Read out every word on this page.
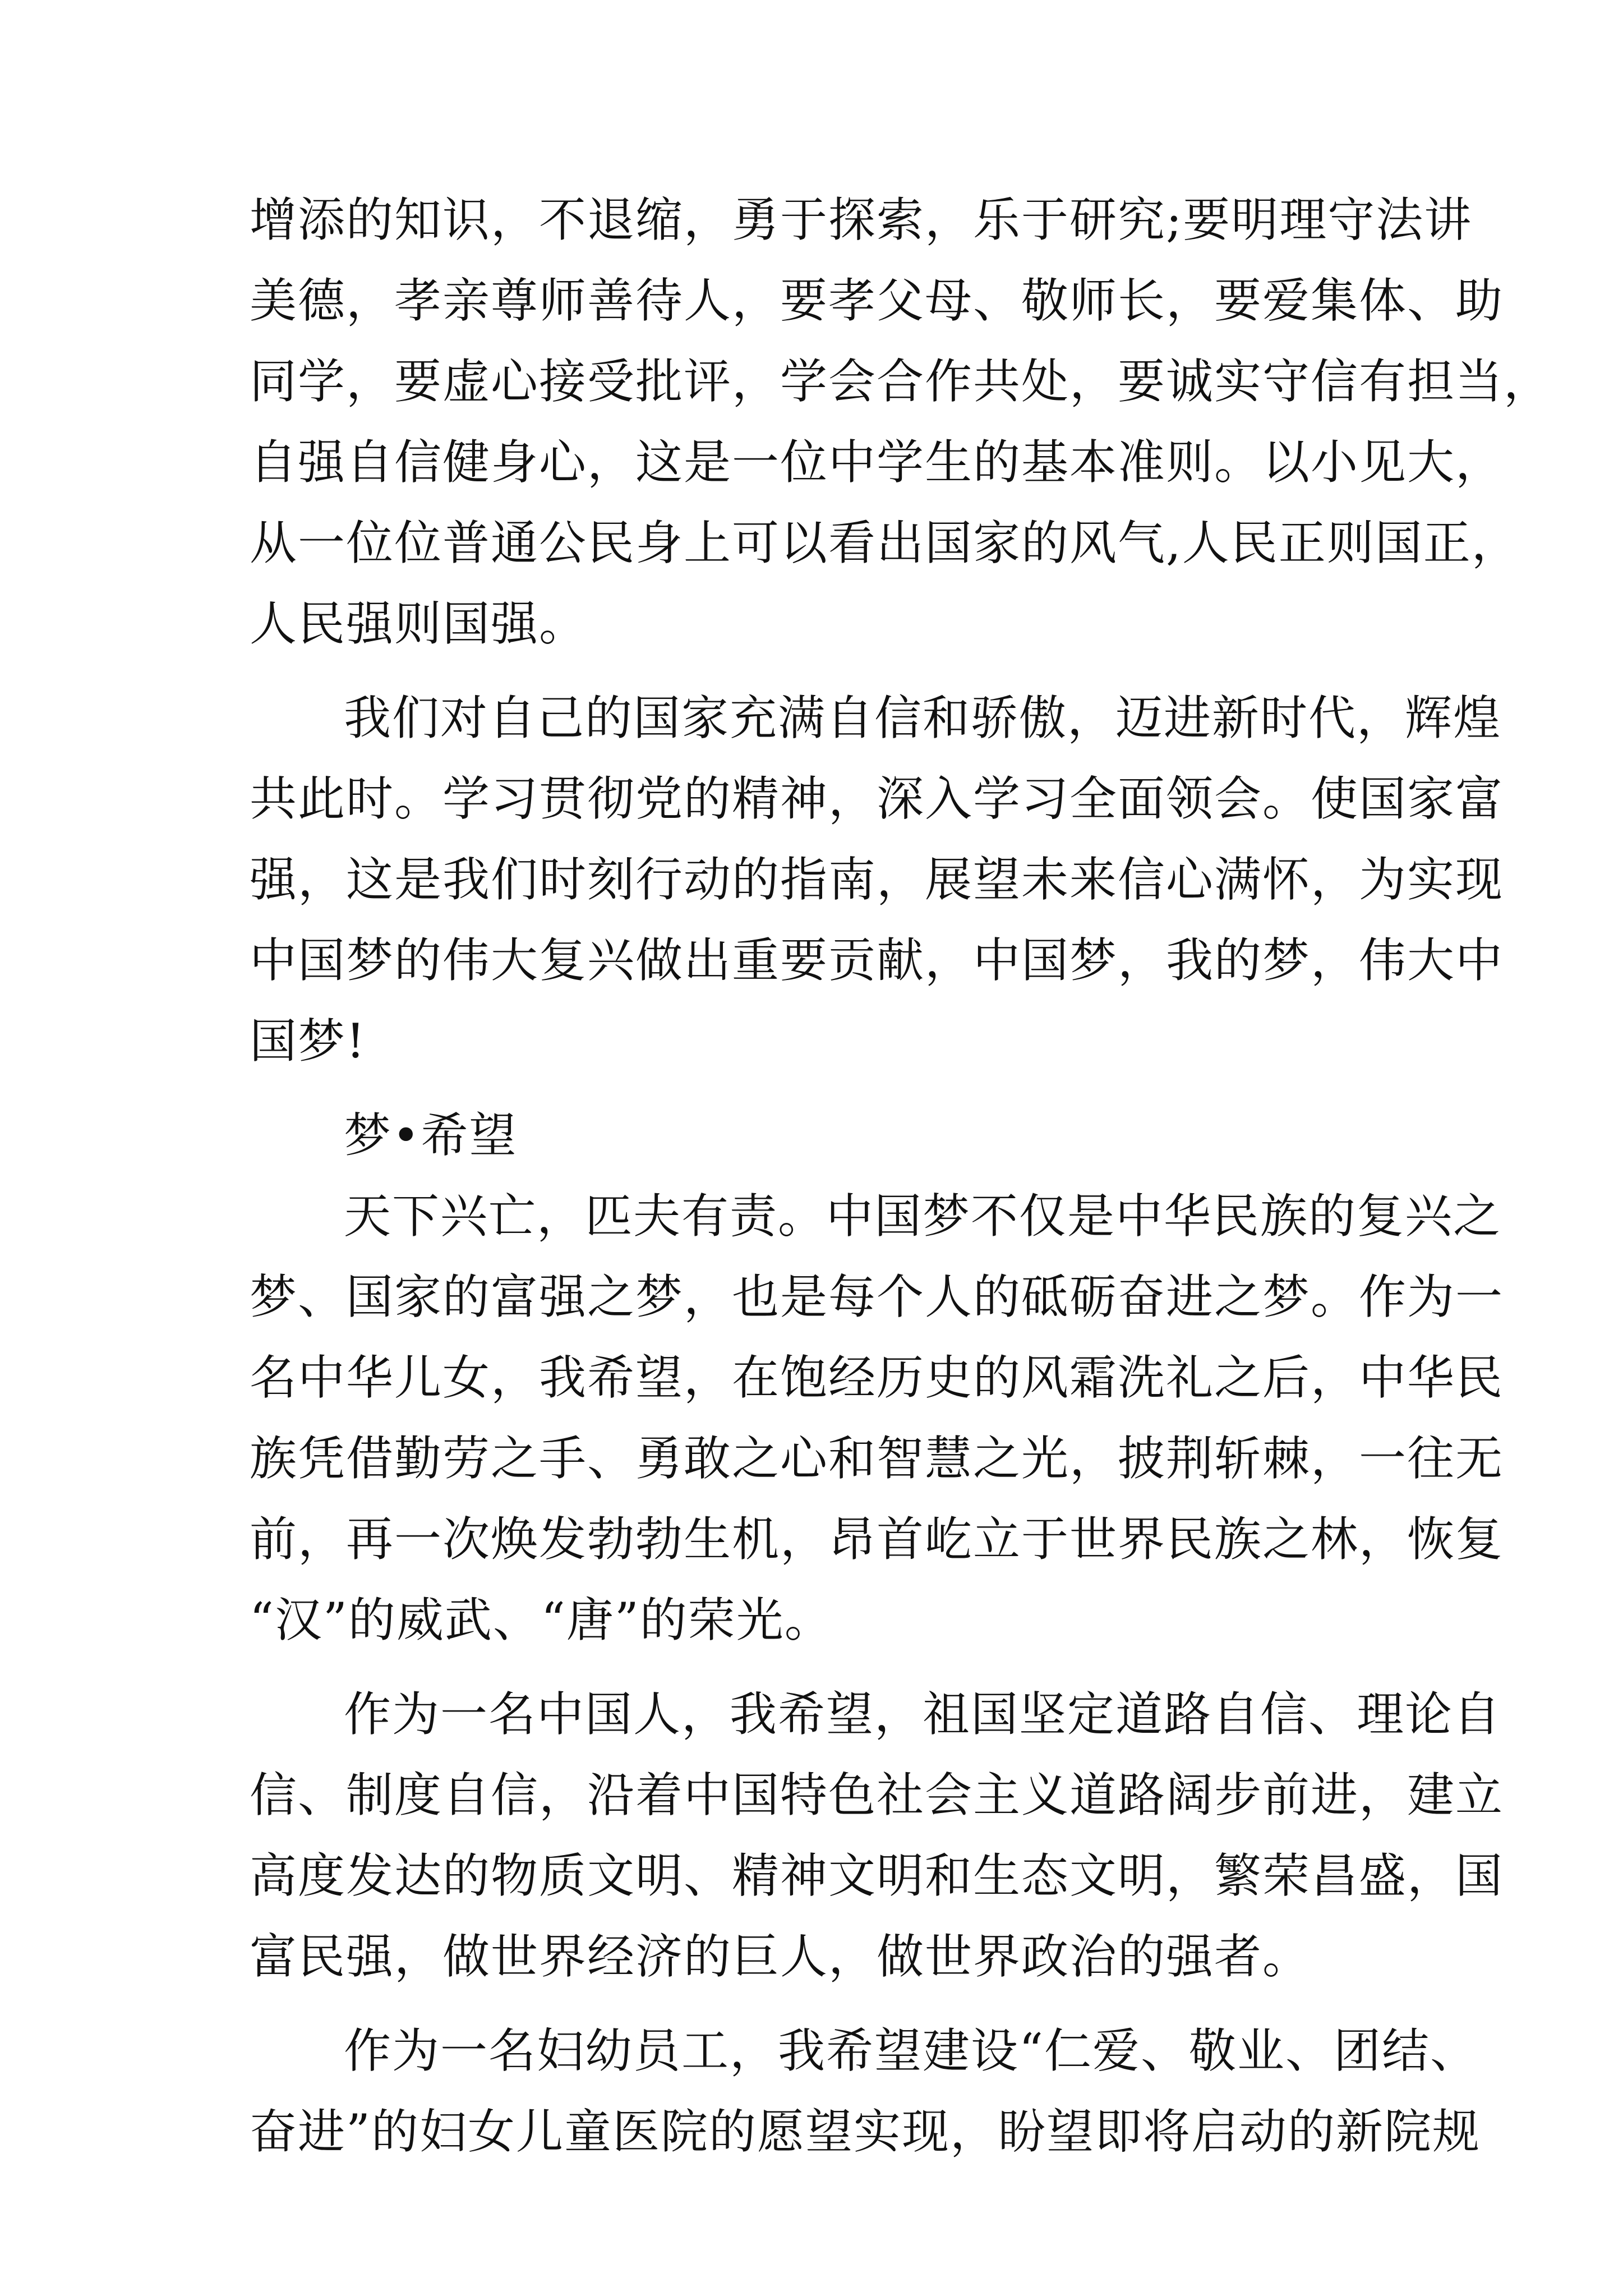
增添的知识，不退缩，勇于探索，乐于研究;要明理守法讲
美德，孝亲尊师善待人，要孝父母、敬师长，要爱集体、助
同学，要虚心接受批评，学会合作共处，要诚实守信有担当，
自强自信健身心，这是一位中学生的基本准则。以小见大，
从一位位普通公民身上可以看出国家的风气,人民正则国正，
人民强则国强。
我们对自己的国家充满自信和骄傲，迈进新时代，辉煌
共此时。学习贯彻党的精神，深入学习全面领会。使国家富
强，这是我们时刻行动的指南，展望未来信心满怀，为实现
中国梦的伟大复兴做出重要贡献，中国梦，我的梦，伟大中
国梦!
梦•希望
天下兴亡，匹夫有责。中国梦不仅是中华民族的复兴之
梦、国家的富强之梦，也是每个人的砥砺奋进之梦。作为一
名中华儿女，我希望，在饱经历史的风霜洗礼之后，中华民
族凭借勤劳之手、勇敢之心和智慧之光，披荆斩棘，一往无
前，再一次焕发勃勃生机，昂首屹立于世界民族之林，恢复
“汉”的威武、“唐”的荣光。
作为一名中国人，我希望，祖国坚定道路自信、理论自
信、制度自信，沿着中国特色社会主义道路阔步前进，建立
高度发达的物质文明、精神文明和生态文明，繁荣昌盛，国
富民强，做世界经济的巨人，做世界政治的强者。
作为一名妇幼员工，我希望建设“仁爱、敬业、团结、
奋进”的妇女儿童医院的愿望实现，盼望即将启动的新院规
